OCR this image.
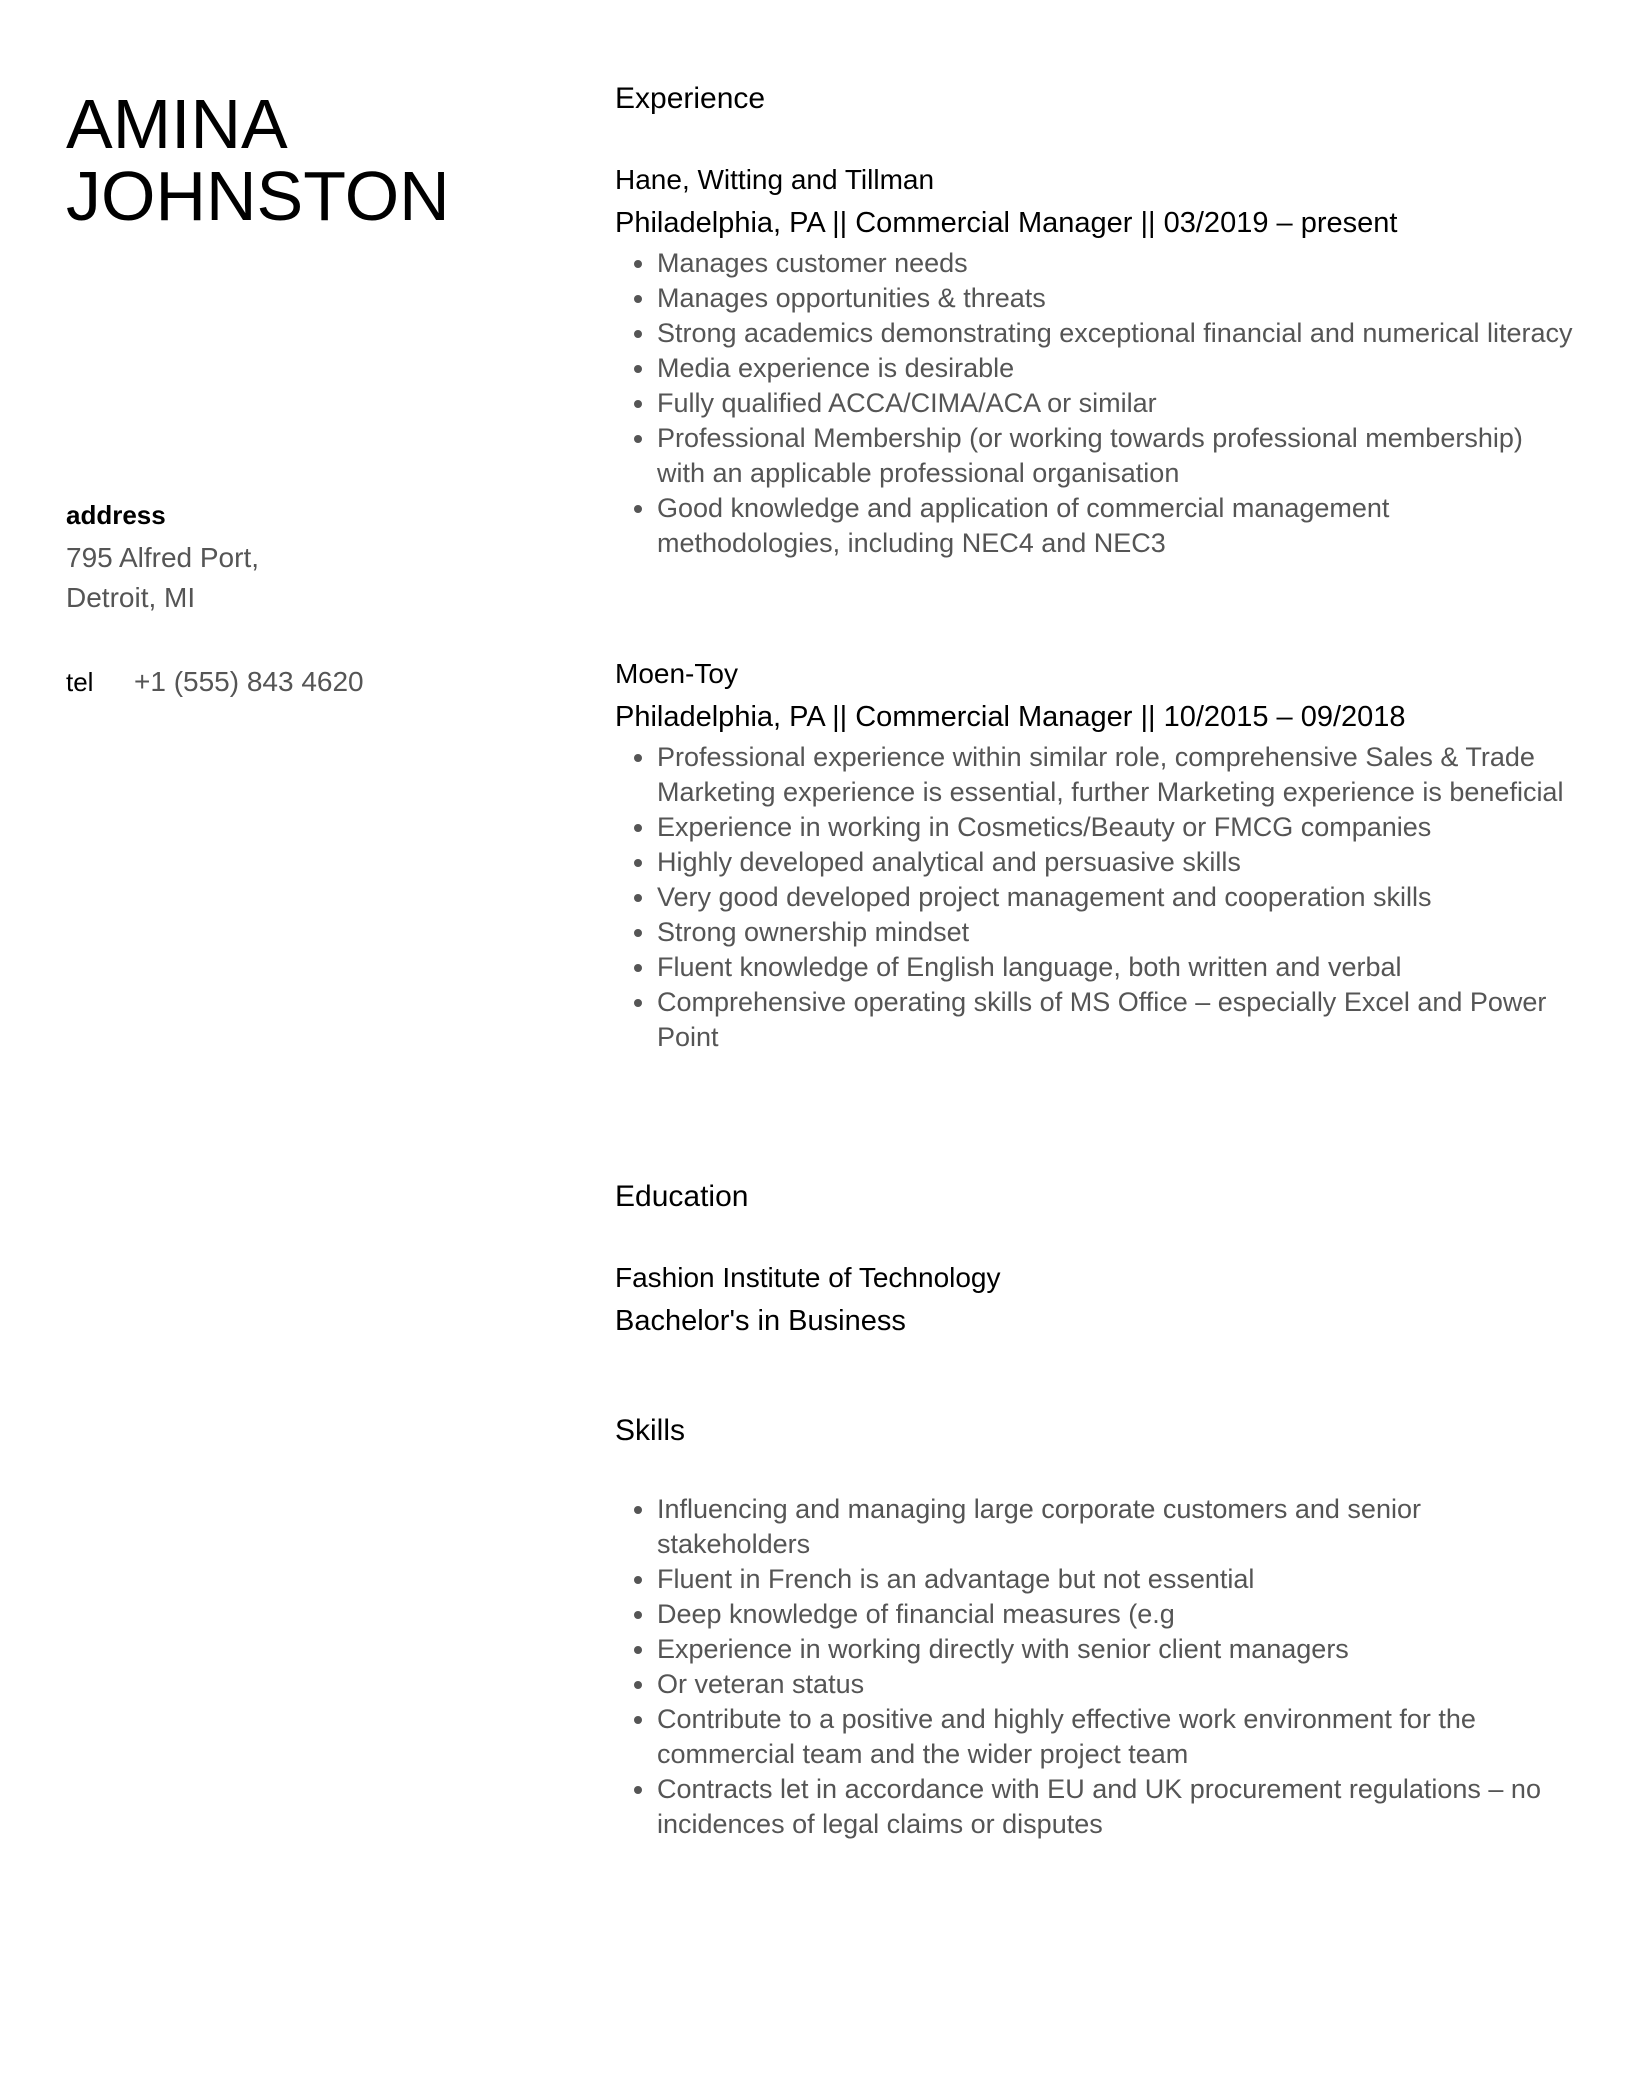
AMINA
JOHNSTON
address
795 Alfred Port,
Detroit, MI
tel +1 (555) 843 4620
Experience
Hane, Witting and Tillman

Philadelphia, PA || Commercial Manager || 03/2019 – present

• Manages customer needs
• Manages opportunities & threats
• Strong academics demonstrating exceptional financial and numerical literacy
• Media experience is desirable
• Fully qualified ACCA/CIMA/ACA or similar
• Professional Membership (or working towards professional membership) with an applicable professional organisation
• Good knowledge and application of commercial management methodologies, including NEC4 and NEC3
Moen-Toy

Philadelphia, PA || Commercial Manager || 10/2015 – 09/2018

• Professional experience within similar role, comprehensive Sales & Trade Marketing experience is essential, further Marketing experience is beneficial
• Experience in working in Cosmetics/Beauty or FMCG companies
• Highly developed analytical and persuasive skills
• Very good developed project management and cooperation skills
• Strong ownership mindset
• Fluent knowledge of English language, both written and verbal
• Comprehensive operating skills of MS Office – especially Excel and Power Point
Education
Fashion Institute of Technology

Bachelor's in Business

Skills
• Influencing and managing large corporate customers and senior stakeholders
• Fluent in French is an advantage but not essential
• Deep knowledge of financial measures (e.g
• Experience in working directly with senior client managers
• Or veteran status
• Contribute to a positive and highly effective work environment for the commercial team and the wider project team
• Contracts let in accordance with EU and UK procurement regulations – no incidences of legal claims or disputes
